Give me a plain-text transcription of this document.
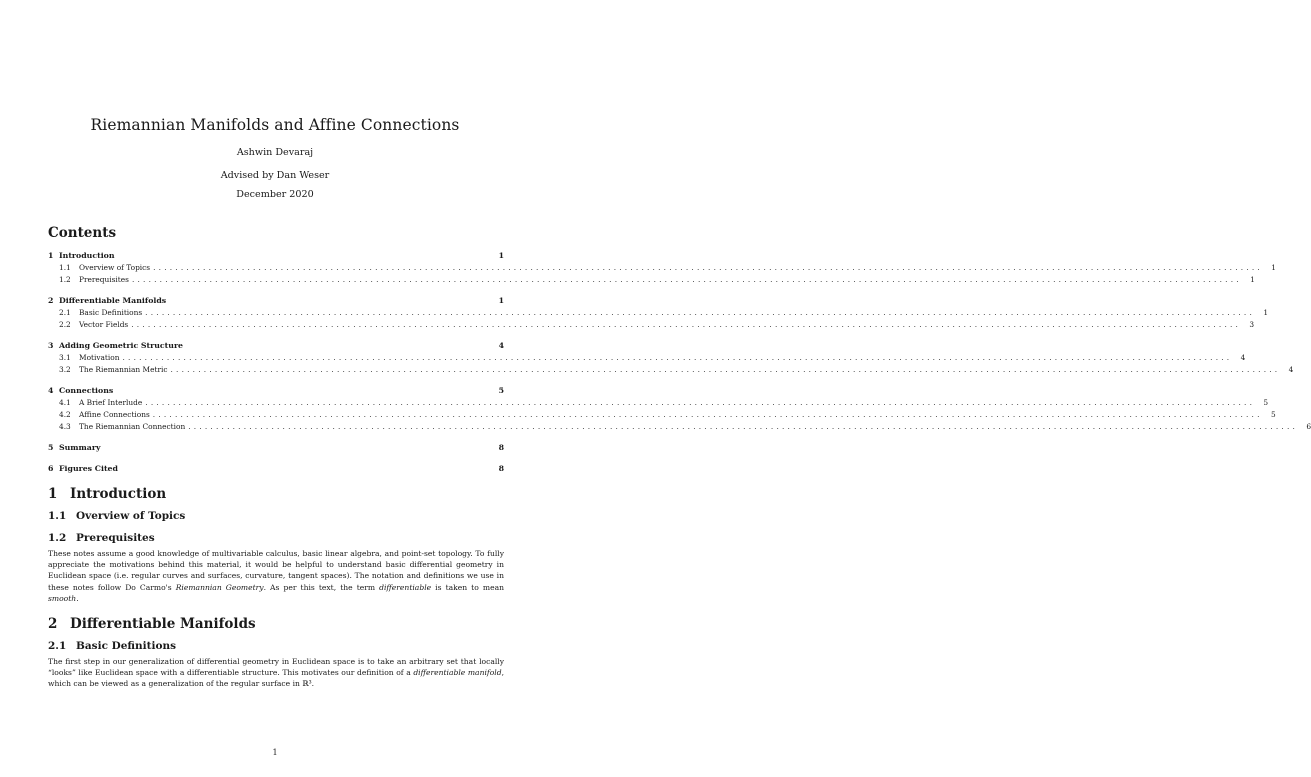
Riemannian Manifolds and Affine Connections
Ashwin Devaraj
Advised by Dan Weser
December 2020
Contents
1 Introduction	1
1.1	Overview of Topics ........................................................................................................................................................................................................	1
1.2	Prerequisites ........................................................................................................................................................................................................	1
2 Differentiable Manifolds	1
2.1	Basic Definitions ........................................................................................................................................................................................................	1
2.2	Vector Fields ........................................................................................................................................................................................................	3
3 Adding Geometric Structure	4
3.1	Motivation ........................................................................................................................................................................................................	4
3.2	The Riemannian Metric ........................................................................................................................................................................................................	4
4 Connections	5
4.1	A Brief Interlude ........................................................................................................................................................................................................	5
4.2	Affine Connections ........................................................................................................................................................................................................	5
4.3	The Riemannian Connection ........................................................................................................................................................................................................	6
5 Summary	8
6 Figures Cited	8
1 Introduction
1.1 Overview of Topics
1.2 Prerequisites

These notes assume a good knowledge of multivariable calculus, basic linear algebra, and point-set topology. To fully appreciate the motivations behind this material, it would be helpful to understand basic differential geometry in Euclidean space (i.e. regular curves and surfaces, curvature, tangent spaces). The notation and definitions we use in these notes follow Do Carmo's Riemannian Geometry. As per this text, the term differentiable is taken to mean smooth.

2 Differentiable Manifolds
2.1 Basic Definitions

The first step in our generalization of differential geometry in Euclidean space is to take an arbitrary set that locally “looks” like Euclidean space with a differentiable structure. This motivates our definition of a differentiable manifold, which can be viewed as a generalization of the regular surface in ℝ³.

1
